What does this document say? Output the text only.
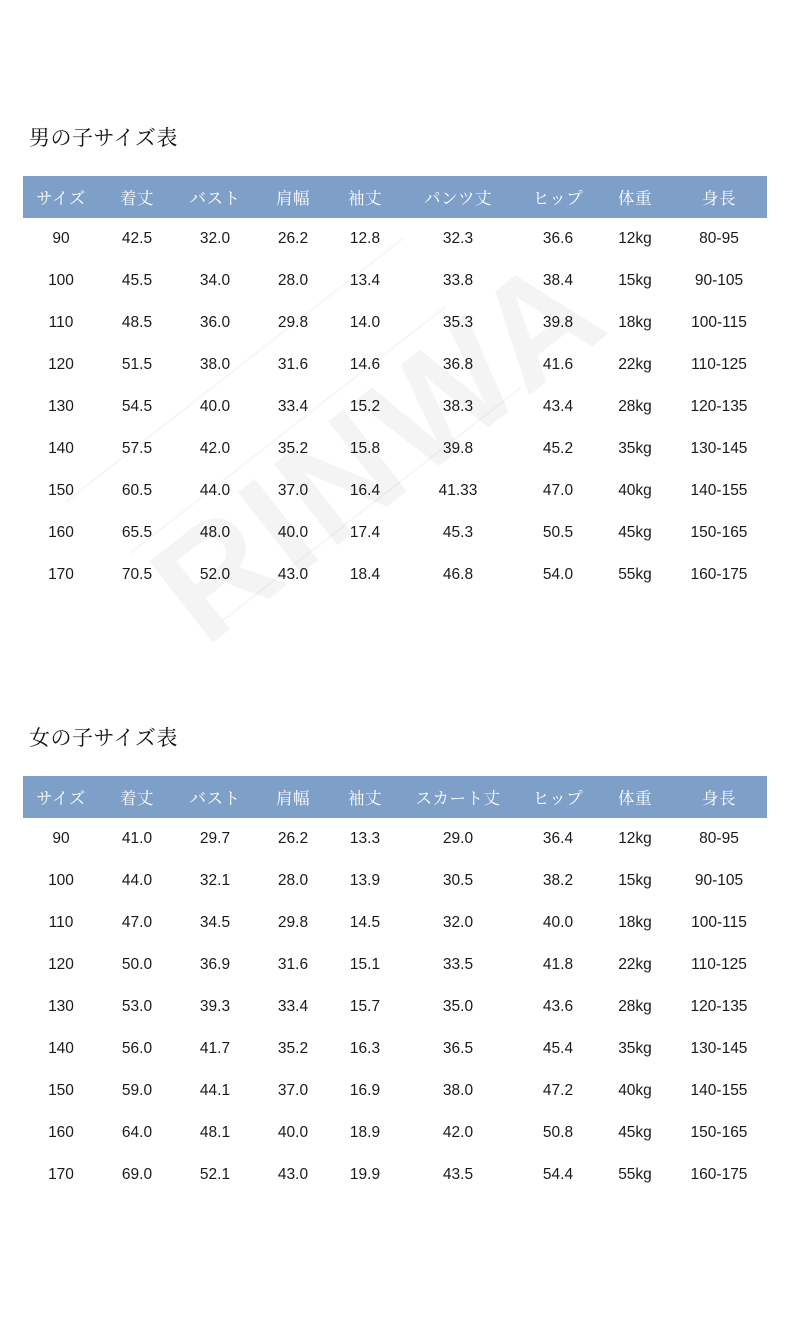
男の子サイズ表
サイズ	着丈	バスト	肩幅	袖丈	パンツ丈	ヒップ	体重	身長
90	42.5	32.0	26.2	12.8	32.3	36.6	12kg	80-95
100	45.5	34.0	28.0	13.4	33.8	38.4	15kg	90-105
110	48.5	36.0	29.8	14.0	35.3	39.8	18kg	100-115
120	51.5	38.0	31.6	14.6	36.8	41.6	22kg	110-125
130	54.5	40.0	33.4	15.2	38.3	43.4	28kg	120-135
140	57.5	42.0	35.2	15.8	39.8	45.2	35kg	130-145
150	60.5	44.0	37.0	16.4	41.33	47.0	40kg	140-155
160	65.5	48.0	40.0	17.4	45.3	50.5	45kg	150-165
170	70.5	52.0	43.0	18.4	46.8	54.0	55kg	160-175
女の子サイズ表
サイズ	着丈	バスト	肩幅	袖丈	スカート丈	ヒップ	体重	身長
90	41.0	29.7	26.2	13.3	29.0	36.4	12kg	80-95
100	44.0	32.1	28.0	13.9	30.5	38.2	15kg	90-105
110	47.0	34.5	29.8	14.5	32.0	40.0	18kg	100-115
120	50.0	36.9	31.6	15.1	33.5	41.8	22kg	110-125
130	53.0	39.3	33.4	15.7	35.0	43.6	28kg	120-135
140	56.0	41.7	35.2	16.3	36.5	45.4	35kg	130-145
150	59.0	44.1	37.0	16.9	38.0	47.2	40kg	140-155
160	64.0	48.1	40.0	18.9	42.0	50.8	45kg	150-165
170	69.0	52.1	43.0	19.9	43.5	54.4	55kg	160-175
